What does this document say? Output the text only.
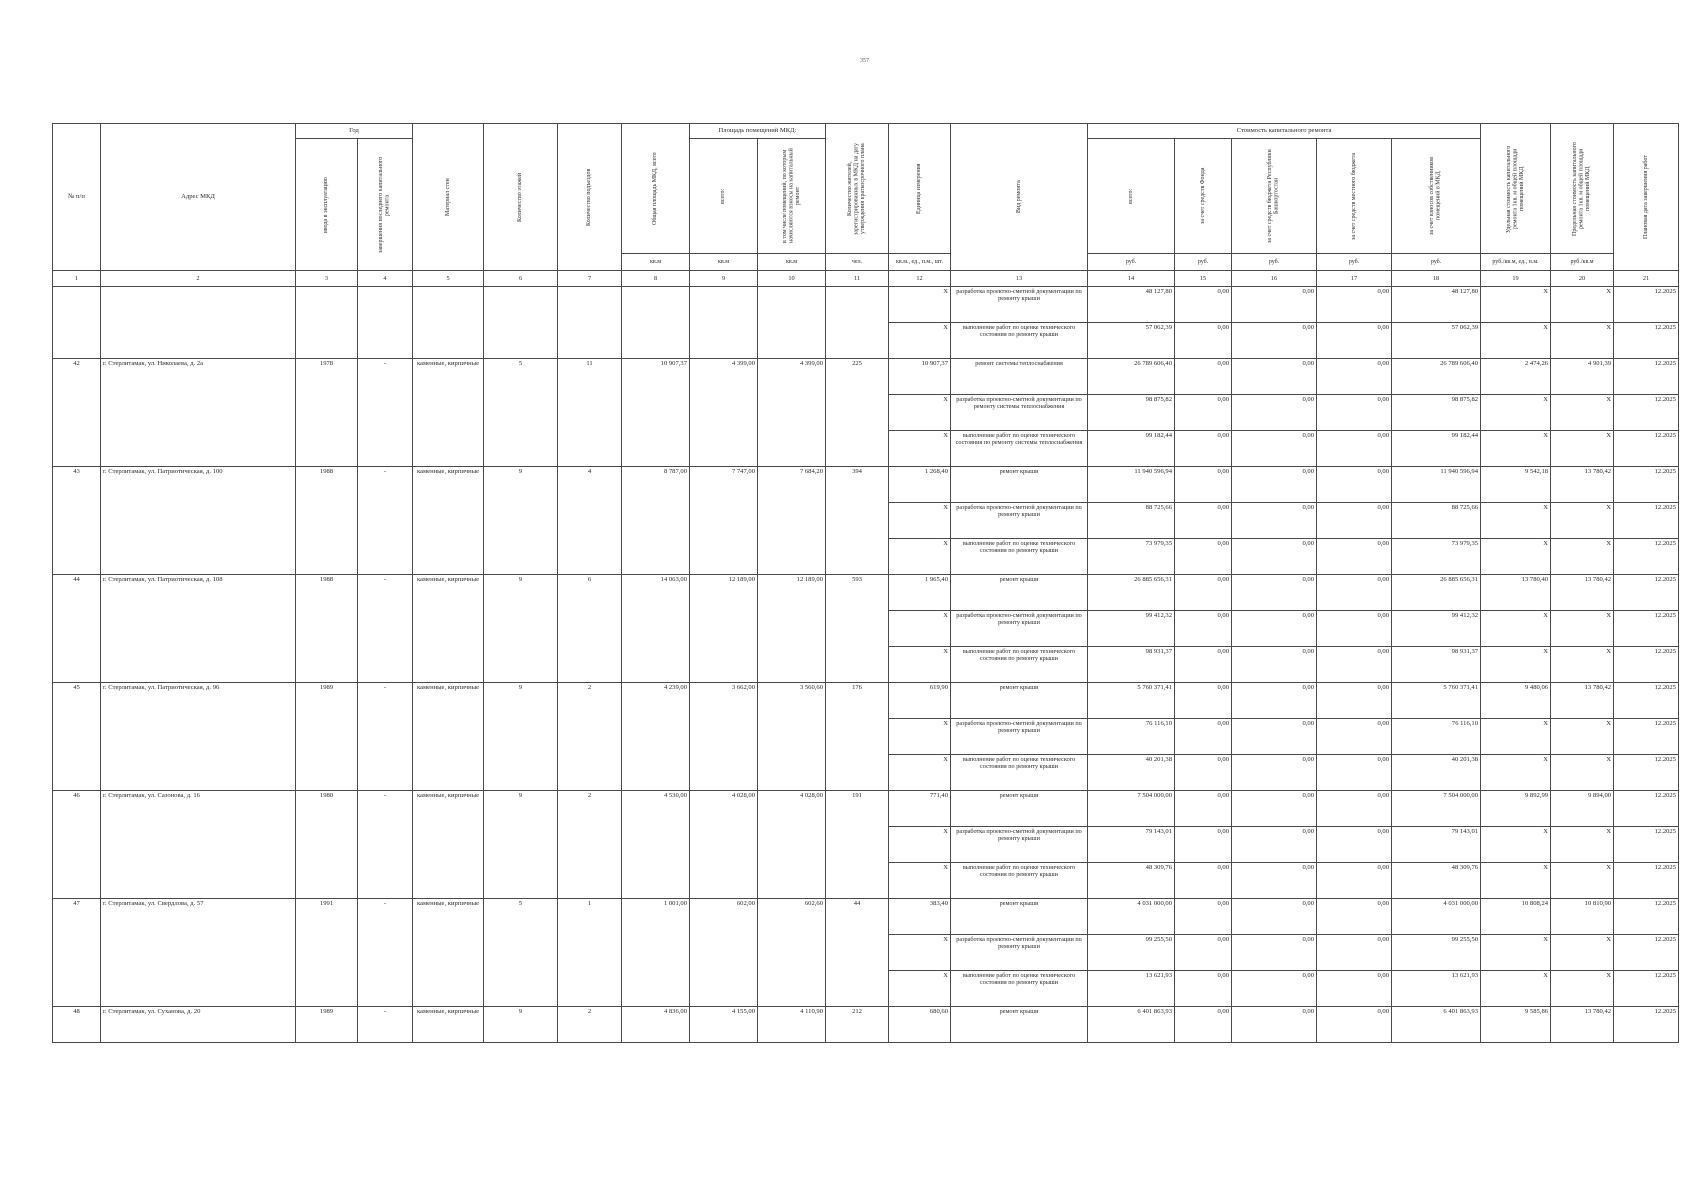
357
№ п/п	Адрес МКД	Год		Материал стен	Количество этажей	Количество подъездов	Общая площадь МКД, всего	Площадь помещений МКД:		Количество жителей, зарегистрированных в МКД на дату утверждения краткосрочного плана	Единица измерения	Вид ремонта	Стоимость капитального ремонта					Удельная стоимость капитального ремонта 1кв. м общей площади помещений МКД	Предельная стоимость капитального ремонта 1кв. м общей площади помещений МКД	Плановая дата завершения работ

		ввода в эксплуатацию	завершения последнего капитального ремонта					всего:	в том числе помещений, по которым начисляются взносы на капитальный ремонт				всего:	за счет средств Фонда	за счет средств бюджета Республики Башкортостан	за счет средств местного бюджета	за счет взносов собственников помещений в МКД			

							кв.м	кв.м	кв.м	чел.	кв.м., ед., п.м., шт.		руб.	руб.	руб.	руб.	руб.	руб./кв.м, ед., п.м.	руб./кв.м	
1	2	3	4	5	6	7	8	9	10	11	12	13	14	15	16	17	18	19	20	21
											X	разработка проектно-сметной документации по ремонту крыши	48 127,80	0,00	0,00	0,00	48 127,80	X	X	12.2025
											X	выполнение работ по оценке технического состояния по ремонту крыши	57 062,39	0,00	0,00	0,00	57 062,39	X	X	12.2025
42	г. Стерлитамак, ул. Николаева, д. 2а	1978	-	каменные, кирпичные	5	11	10 907,37	4 399,00	4 399,00	225	10 907,37	ремонт системы теплоснабжения	26 789 606,40	0,00	0,00	0,00	26 789 606,40	2 474,26	4 901,39	12.2025
											X	разработка проектно-сметной документации по ремонту системы теплоснабжения	98 875,82	0,00	0,00	0,00	98 875,82	X	X	12.2025
											X	выполнение работ по оценке технического состояния по ремонту системы теплоснабжения	99 182,44	0,00	0,00	0,00	99 182,44	X	X	12.2025
43	г. Стерлитамак, ул. Патриотическая, д. 100	1988	-	каменные, кирпичные	9	4	8 787,00	7 747,00	7 684,20	394	1 268,40	ремонт крыши	11 940 596,94	0,00	0,00	0,00	11 940 596,94	9 542,18	13 780,42	12.2025
											X	разработка проектно-сметной документации по ремонту крыши	88 725,66	0,00	0,00	0,00	88 725,66	X	X	12.2025
											X	выполнение работ по оценке технического состояния по ремонту крыши	73 979,35	0,00	0,00	0,00	73 979,35	X	X	12.2025
44	г. Стерлитамак, ул. Патриотическая, д. 108	1988	-	каменные, кирпичные	9	6	14 063,00	12 189,00	12 189,00	593	1 965,40	ремонт крыши	26 885 656,31	0,00	0,00	0,00	26 885 656,31	13 780,40	13 780,42	12.2025
											X	разработка проектно-сметной документации по ремонту крыши	99 412,32	0,00	0,00	0,00	99 412,32	X	X	12.2025
											X	выполнение работ по оценке технического состояния по ремонту крыши	98 931,37	0,00	0,00	0,00	98 931,37	X	X	12.2025
45	г. Стерлитамак, ул. Патриотическая, д. 96	1989	-	каменные, кирпичные	9	2	4 239,00	3 662,00	3 560,60	176	619,90	ремонт крыши	5 760 371,41	0,00	0,00	0,00	5 760 371,41	9 480,06	13 780,42	12.2025
											X	разработка проектно-сметной документации по ремонту крыши	76 116,10	0,00	0,00	0,00	76 116,10	X	X	12.2025
											X	выполнение работ по оценке технического состояния по ремонту крыши	40 201,38	0,00	0,00	0,00	40 201,38	X	X	12.2025
46	г. Стерлитамак, ул. Сазонова, д. 16	1980	-	каменные, кирпичные	9	2	4 530,00	4 028,00	4 028,00	191	771,40	ремонт крыши	7 504 000,00	0,00	0,00	0,00	7 504 000,00	9 892,99	9 894,00	12.2025
											X	разработка проектно-сметной документации по ремонту крыши	79 143,01	0,00	0,00	0,00	79 143,01	X	X	12.2025
											X	выполнение работ по оценке технического состояния по ремонту крыши	48 309,76	0,00	0,00	0,00	48 309,76	X	X	12.2025
47	г. Стерлитамак, ул. Свердлова, д. 57	1991	-	каменные, кирпичные	5	1	1 001,00	602,00	602,60	44	383,40	ремонт крыши	4 031 000,00	0,00	0,00	0,00	4 031 000,00	10 808,24	10 810,90	12.2025
											X	разработка проектно-сметной документации по ремонту крыши	99 255,50	0,00	0,00	0,00	99 255,50	X	X	12.2025
											X	выполнение работ по оценке технического состояния по ремонту крыши	13 621,93	0,00	0,00	0,00	13 621,93	X	X	12.2025
48	г. Стерлитамак, ул. Суханова, д. 20	1989	-	каменные, кирпичные	9	2	4 836,00	4 155,00	4 110,90	212	680,60	ремонт крыши	6 401 863,93	0,00	0,00	0,00	6 401 863,93	9 585,86	13 780,42	12.2025
